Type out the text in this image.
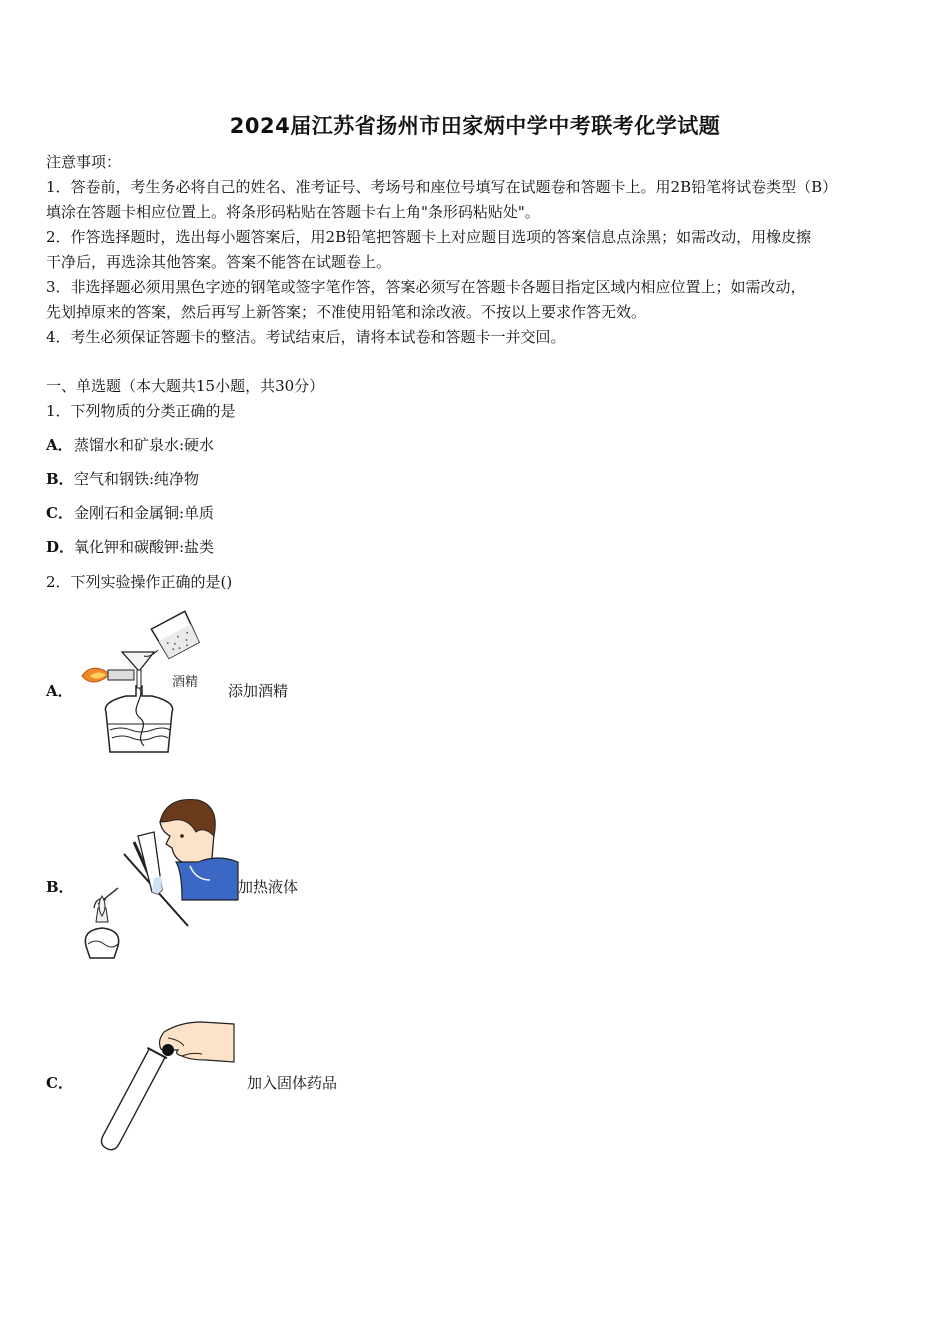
2024届江苏省扬州市田家炳中学中考联考化学试题
注意事项：
1．答卷前，考生务必将自己的姓名、准考证号、考场号和座位号填写在试题卷和答题卡上。用2B铅笔将试卷类型（B）
填涂在答题卡相应位置上。将条形码粘贴在答题卡右上角"条形码粘贴处"。
2．作答选择题时，选出每小题答案后，用2B铅笔把答题卡上对应题目选项的答案信息点涂黑；如需改动，用橡皮擦
干净后，再选涂其他答案。答案不能答在试题卷上。
3．非选择题必须用黑色字迹的钢笔或签字笔作答，答案必须写在答题卡各题目指定区域内相应位置上；如需改动，
先划掉原来的答案，然后再写上新答案；不准使用铅笔和涂改液。不按以上要求作答无效。
4．考生必须保证答题卡的整洁。考试结束后，请将本试卷和答题卡一并交回。
一、单选题（本大题共15小题，共30分）
1．下列物质的分类正确的是
A． 蒸馏水和矿泉水:硬水
B． 空气和钢铁:纯净物
C． 金刚石和金属铜:单质
D． 氧化钾和碳酸钾:盐类
2．下列实验操作正确的是()
A．	酒精 添加酒精
B．	加热液体
C．	加入固体药品
